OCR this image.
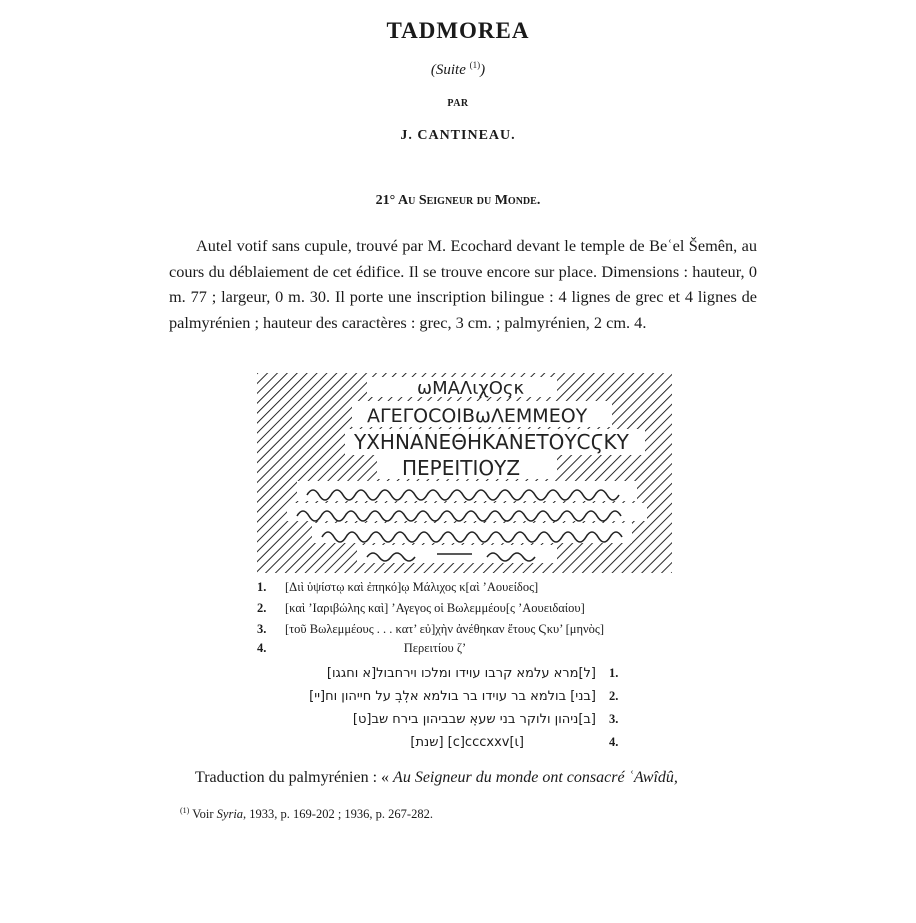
TADMOREA
(Suite $^{(1)}$)
PAR
J. CANTINEAU.
21° Au Seigneur du Monde.

Autel votif sans cupule, trouvé par M. Ecochard devant le temple de Beʿel Šemên, au cours du déblaiement de cet édifice. Il se trouve encore sur place. Dimensions : hauteur, 0 m. 77 ; largeur, 0 m. 30. Il porte une inscription bilingue : 4 lignes de grec et 4 lignes de palmyrénien ; hauteur des caractères : grec, 3 cm. ; palmyrénien, 2 cm. 4.

ωΜΑΛιχΟςκ
ΑΓΕΓΟCΟΙΒωΛΕΜΜΕΟΥ
ΥΧΗΝΑΝΕΘΗΚΑΝΕΤΟΥCϚΚΥ
ΠΕΡΕΙΤΙΟΥΖ
1. [Διὶ ὑψίστῳ καὶ ἐπηκό]ῳ Μάλιχος κ[αὶ ’Αουείδος]
2. [καὶ ’Ιαριβώλης καὶ] ’Αγεγος οἱ Βωλεμμέου[ς ’Αουειδαίου]
3. [τοῦ Βωλεμμέους . . . κατ’ εὐ]χὴν ἀνέθηκαν ἔτους Ϛκυ’ [μηνὸς]
4.	Περειτίου ζ’
[ל]מרא עלמא קרבו עוידו ומלכו וירחבול[א וחגגו] 1.
[בני] בולמא בר עוידו בר בולמא א̣ל̣ב על חייהון וח[יי] 2.
[ב]ניהון ולוקר בני שע̣א שבביהון בירח שב[ט] 3.
[שנת] [c]cccxxv[ι]	4.
Traduction du palmyrénien : « Au Seigneur du monde ont consacré ʿAwîdû,
$^{(1)}$ Voir Syria, 1933, p. 169-202 ; 1936, p. 267-282.
